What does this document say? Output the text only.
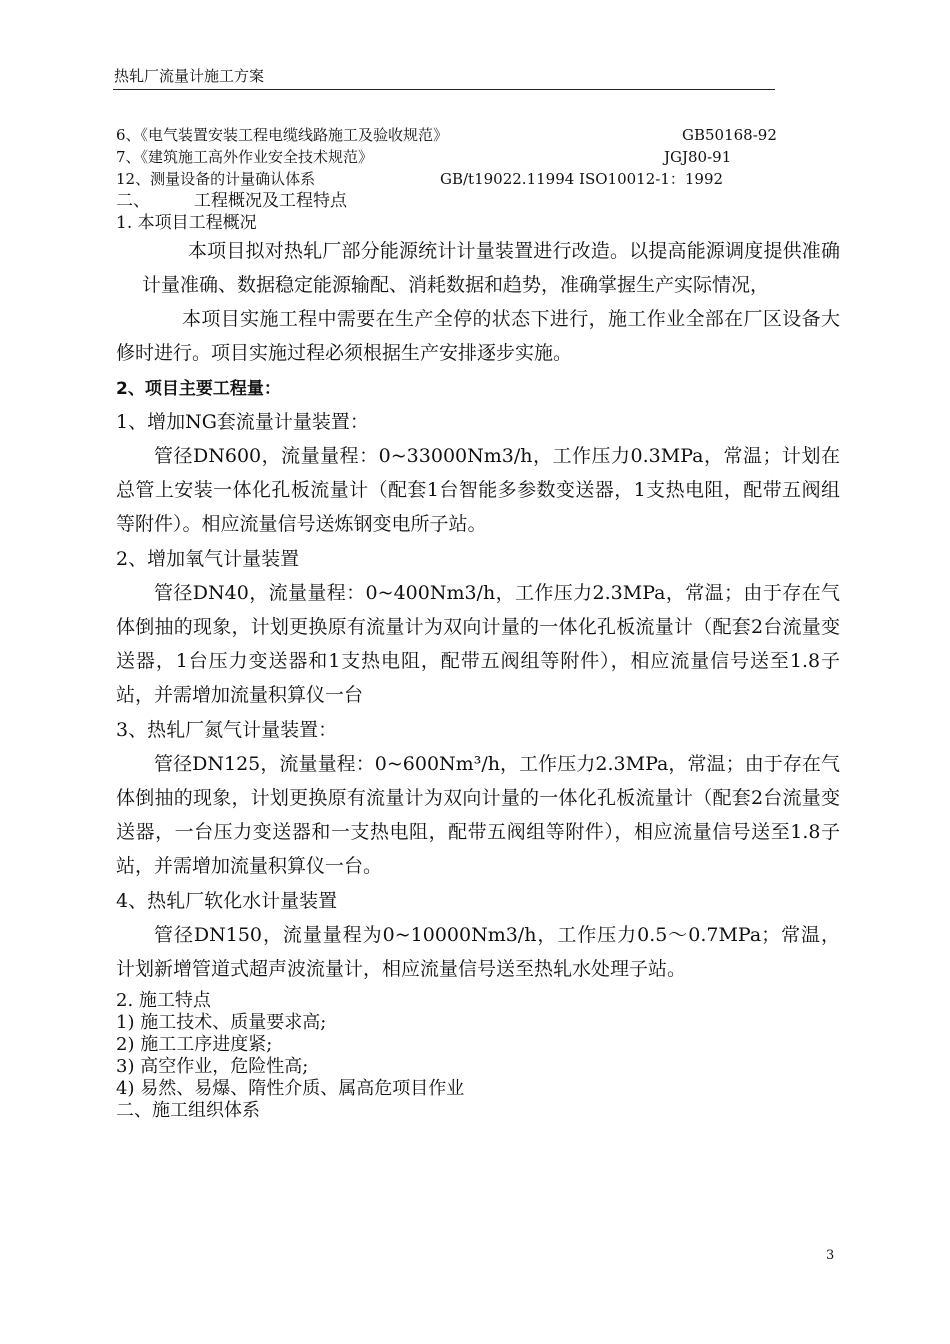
热轧厂流量计施工方案
6、《电气装置安装工程电缆线路施工及验收规范》	GB50168-92
7、《建筑施工高外作业安全技术规范》	JGJ80-91
12、测量设备的计量确认体系	GB/t19022.11994 ISO10012-1：1992
二、	工程概况及工程特点
1. 本项目工程概况

本项目拟对热轧厂部分能源统计计量装置进行改造。以提高能源调度提供准确计量准确、数据稳定能源输配、消耗数据和趋势，准确掌握生产实际情况，

本项目实施工程中需要在生产全停的状态下进行，施工作业全部在厂区设备大修时进行。项目实施过程必须根据生产安排逐步实施。

2、项目主要工程量：
1、增加NG套流量计量装置：

管径DN600，流量量程：0~33000Nm3/h，工作压力0.3MPa，常温；计划在总管上安装一体化孔板流量计（配套1台智能多参数变送器，1支热电阻，配带五阀组等附件）。相应流量信号送炼钢变电所子站。

2、增加氧气计量装置

管径DN40，流量量程：0~400Nm3/h，工作压力2.3MPa，常温；由于存在气体倒抽的现象，计划更换原有流量计为双向计量的一体化孔板流量计（配套2台流量变送器，1台压力变送器和1支热电阻，配带五阀组等附件），相应流量信号送至1.8子站，并需增加流量积算仪一台

3、热轧厂氮气计量装置：

管径DN125，流量量程：0~600Nm³/h，工作压力2.3MPa，常温；由于存在气体倒抽的现象，计划更换原有流量计为双向计量的一体化孔板流量计（配套2台流量变送器，一台压力变送器和一支热电阻，配带五阀组等附件），相应流量信号送至1.8子站，并需增加流量积算仪一台。

4、热轧厂软化水计量装置

管径DN150，流量量程为0~10000Nm3/h，工作压力0.5～0.7MPa；常温，计划新增管道式超声波流量计，相应流量信号送至热轧水处理子站。

2. 施工特点
1) 施工技术、质量要求高;
2) 施工工序进度紧;
3) 高空作业，危险性高;
4) 易然、易爆、隋性介质、属高危项目作业
二、施工组织体系
3
